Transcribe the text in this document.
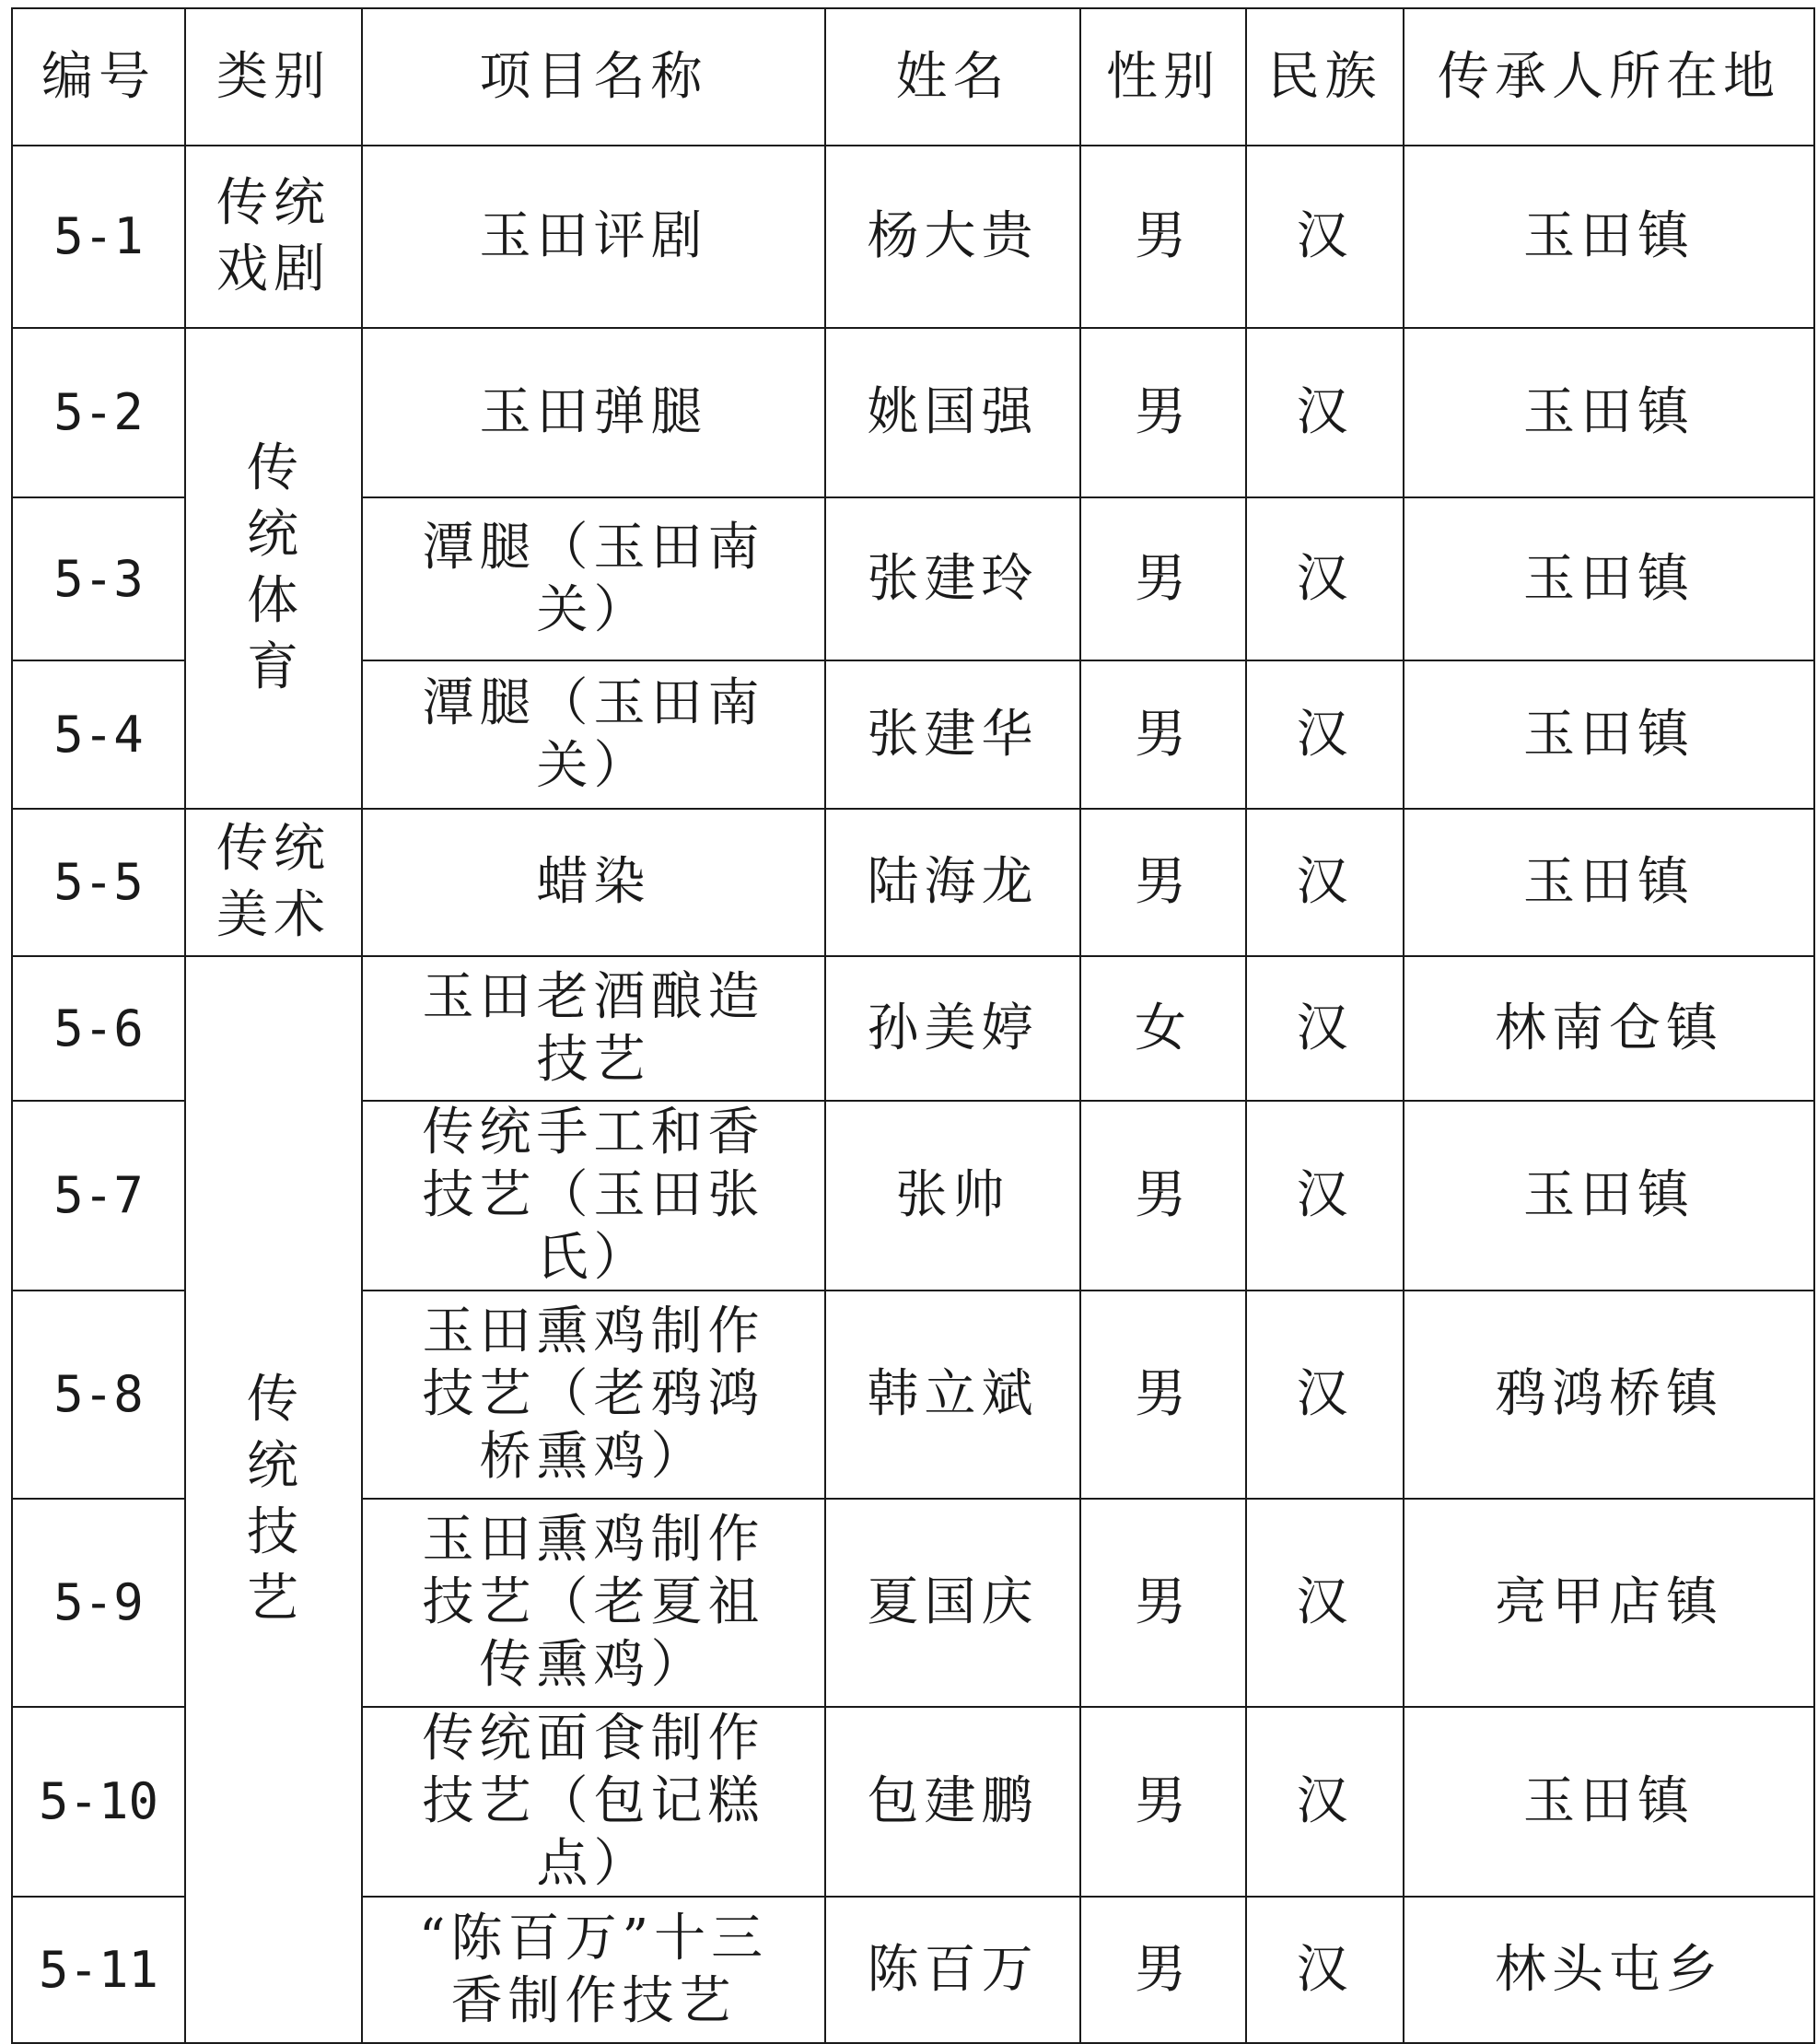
编号	类别	项目名称	姓名	性别	民族	传承人所在地
5-1	传统戏剧	玉田评剧	杨大贵	男	汉	玉田镇
5-2	传统体育	玉田弹腿	姚国强	男	汉	玉田镇
5-3		潭腿（玉田南关）	张建玲	男	汉	玉田镇
5-4		潭腿（玉田南关）	张建华	男	汉	玉田镇
5-5	传统美术	蜡染	陆海龙	男	汉	玉田镇
5-6	传统技艺	玉田老酒酿造技艺	孙美婷	女	汉	林南仓镇
5-7		传统手工和香技艺（玉田张氏）	张帅	男	汉	玉田镇
5-8		玉田熏鸡制作技艺（老鸦鸿桥熏鸡）	韩立斌	男	汉	鸦鸿桥镇
5-9		玉田熏鸡制作技艺（老夏祖传熏鸡）	夏国庆	男	汉	亮甲店镇
5-10		传统面食制作技艺（包记糕点）	包建鹏	男	汉	玉田镇
5-11		“陈百万”十三香制作技艺	陈百万	男	汉	林头屯乡
